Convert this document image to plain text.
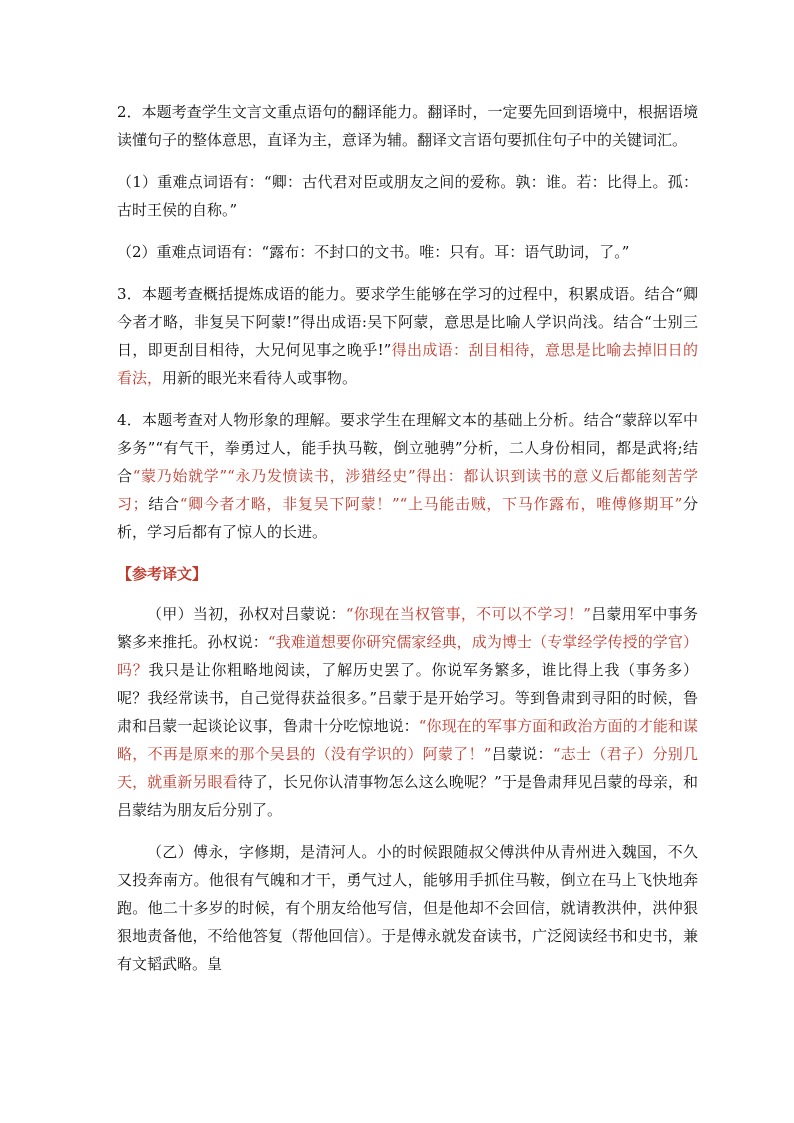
2．本题考查学生文言文重点语句的翻译能力。翻译时，一定要先回到语境中，根据语境读懂句子的整体意思，直译为主，意译为辅。翻译文言语句要抓住句子中的关键词汇。

（1）重难点词语有：“卿：古代君对臣或朋友之间的爱称。孰：谁。若：比得上。孤：古时王侯的自称。”

（2）重难点词语有：“露布：不封口的文书。唯：只有。耳：语气助词，了。”

3．本题考查概括提炼成语的能力。要求学生能够在学习的过程中，积累成语。结合“卿今者才略，非复吴下阿蒙!”得出成语:吴下阿蒙，意思是比喻人学识尚浅。结合“士别三日，即更刮目相待，大兄何见事之晚乎!”得出成语：刮目相待，意思是比喻去掉旧日的看法，用新的眼光来看待人或事物。

4．本题考查对人物形象的理解。要求学生在理解文本的基础上分析。结合“蒙辞以军中多务”“有气干，拳勇过人，能手执马鞍，倒立驰骋”分析，二人身份相同，都是武将;结合“蒙乃始就学”“永乃发愤读书，涉猎经史”得出：都认识到读书的意义后都能刻苦学习；结合“卿今者才略，非复吴下阿蒙！”“上马能击贼，下马作露布，唯傅修期耳”分析，学习后都有了惊人的长进。

【参考译文】

（甲）当初，孙权对吕蒙说：“你现在当权管事，不可以不学习！”吕蒙用军中事务繁多来推托。孙权说：“我难道想要你研究儒家经典，成为博士（专掌经学传授的学官）吗？我只是让你粗略地阅读，了解历史罢了。你说军务繁多，谁比得上我（事务多）呢？我经常读书，自己觉得获益很多。”吕蒙于是开始学习。等到鲁肃到寻阳的时候，鲁肃和吕蒙一起谈论议事，鲁肃十分吃惊地说：“你现在的军事方面和政治方面的才能和谋略，不再是原来的那个吴县的（没有学识的）阿蒙了！”吕蒙说：“志士（君子）分别几天，就重新另眼看待了，长兄你认清事物怎么这么晚呢？”于是鲁肃拜见吕蒙的母亲，和吕蒙结为朋友后分别了。

（乙）傅永，字修期，是清河人。小的时候跟随叔父傅洪仲从青州进入魏国，不久又投奔南方。他很有气魄和才干，勇气过人，能够用手抓住马鞍，倒立在马上飞快地奔跑。他二十多岁的时候，有个朋友给他写信，但是他却不会回信，就请教洪仲，洪仲狠狠地责备他，不给他答复（帮他回信）。于是傅永就发奋读书，广泛阅读经书和史书，兼有文韬武略。皇
